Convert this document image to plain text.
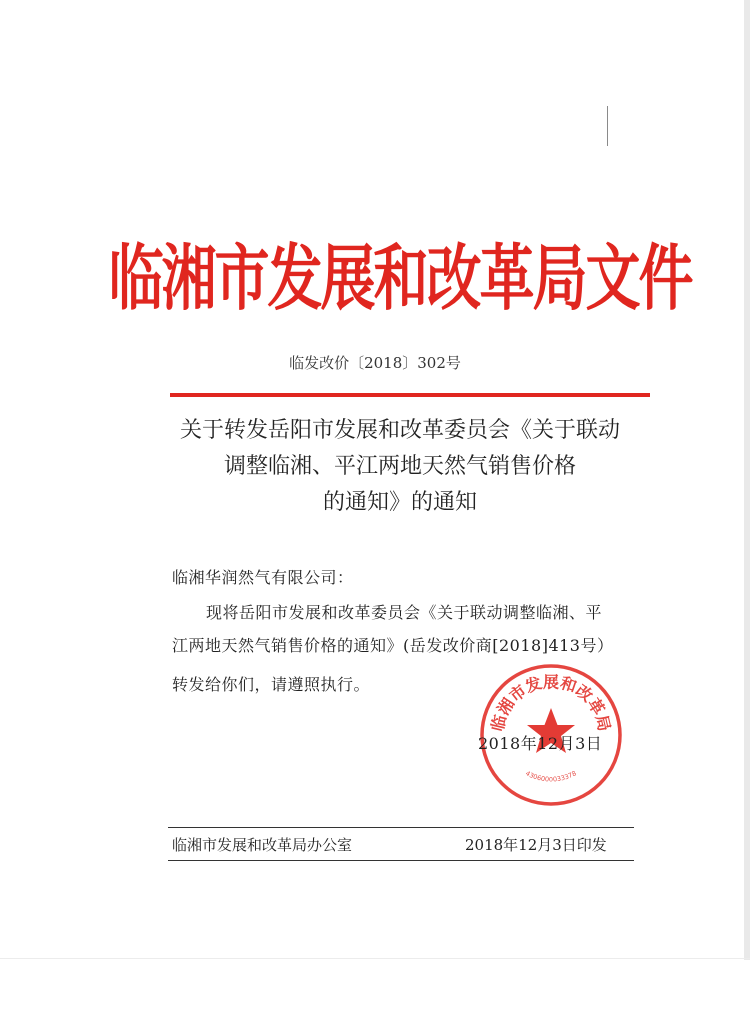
临湘市发展和改革局文件
临发改价〔2018〕302号
关于转发岳阳市发展和改革委员会《关于联动
调整临湘、平江两地天然气销售价格
的通知》的通知
临湘华润然气有限公司：
现将岳阳市发展和改革委员会《关于联动调整临湘、平
江两地天然气销售价格的通知》(岳发改价商[2018]413号）
转发给你们，请遵照执行。
临湘市发展和改革局
4306000033378
2018年12月3日
临湘市发展和改革局办公室	2018年12月3日印发
